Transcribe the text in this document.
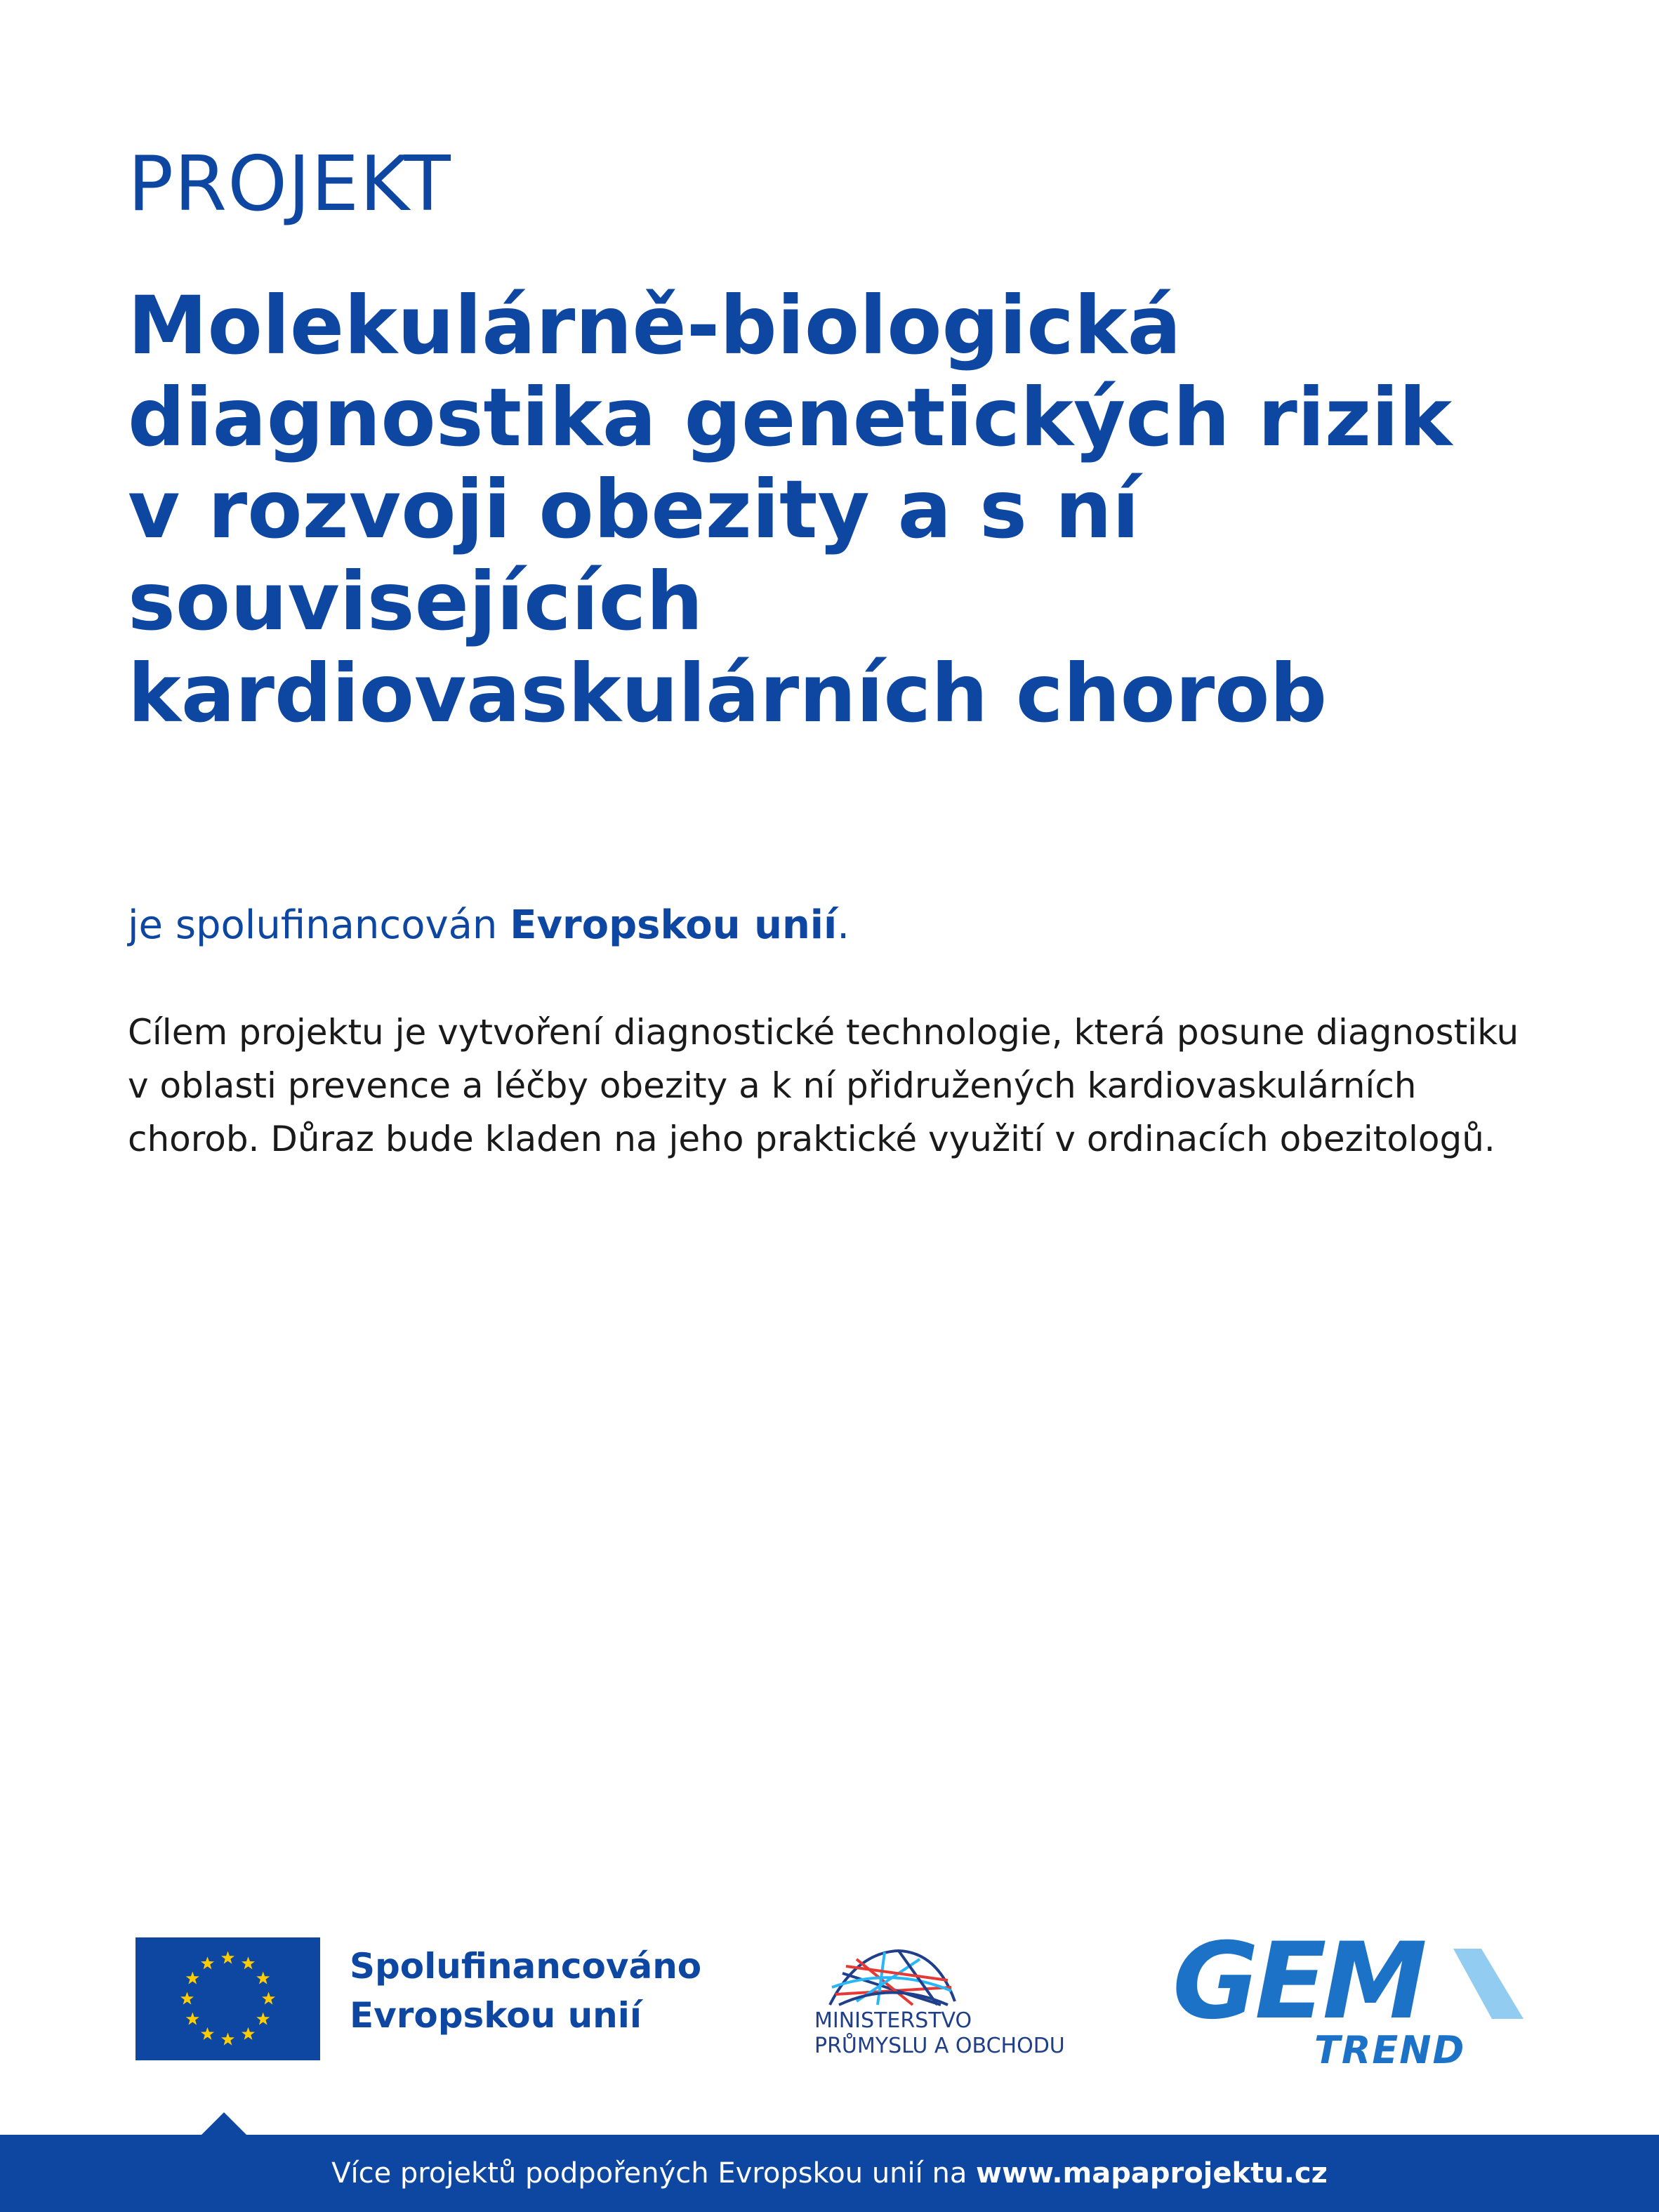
PROJEKT
Molekulárně-biologická
diagnostika genetických rizik
v rozvoji obezity a s ní
souvisejících
kardiovaskulárních chorob
je spolufinancován Evropskou unií.
Cílem projektu je vytvoření diagnostické technologie, která posune diagnostiku
v oblasti prevence a léčby obezity a k ní přidružených kardiovaskulárních
chorob. Důraz bude kladen na jeho praktické využití v ordinacích obezitologů.
Spolufinancováno
Evropskou unií	MINISTERSTVO
PRŮMYSLU A OBCHODU
GEM
TREND
Více projektů podpořených Evropskou unií na www.mapaprojektu.cz
